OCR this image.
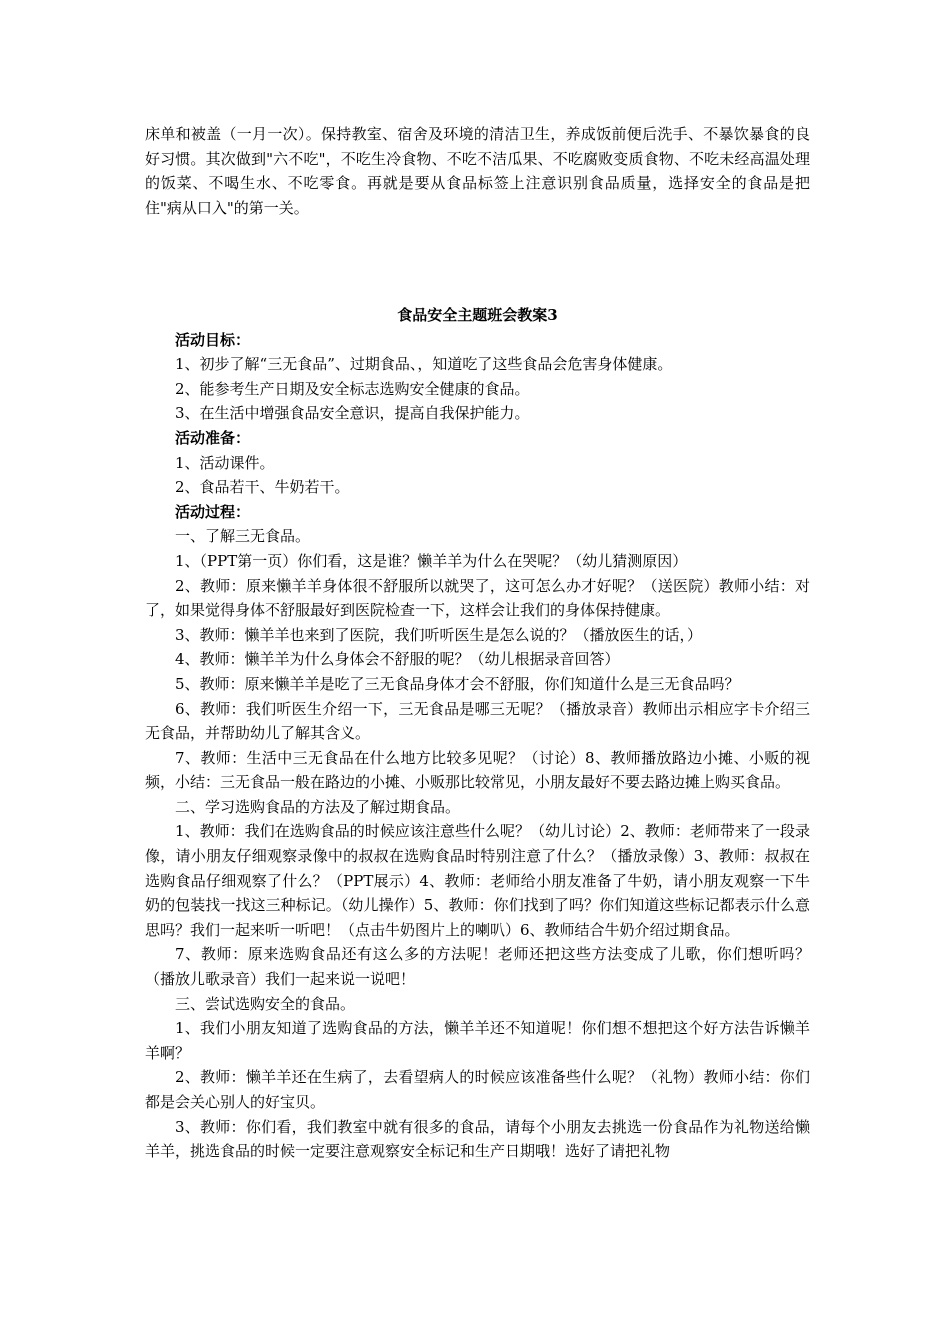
床单和被盖（一月一次）。保持教室、宿舍及环境的清洁卫生，养成饭前便后洗手、不暴饮暴食的良好习惯。其次做到"六不吃"，不吃生冷食物、不吃不洁瓜果、不吃腐败变质食物、不吃未经高温处理的饭菜、不喝生水、不吃零食。再就是要从食品标签上注意识别食品质量，选择安全的食品是把住"病从口入"的第一关。

食品安全主题班会教案3

活动目标：

1、初步了解“三无食品”、过期食品、，知道吃了这些食品会危害身体健康。

2、能参考生产日期及安全标志选购安全健康的食品。

3、在生活中增强食品安全意识，提高自我保护能力。

活动准备：

1、活动课件。

2、食品若干、牛奶若干。

活动过程：

一、了解三无食品。

1、（PPT第一页）你们看，这是谁？懒羊羊为什么在哭呢？（幼儿猜测原因）

2、教师：原来懒羊羊身体很不舒服所以就哭了，这可怎么办才好呢？（送医院）教师小结：对了，如果觉得身体不舒服最好到医院检查一下，这样会让我们的身体保持健康。

3、教师：懒羊羊也来到了医院，我们听听医生是怎么说的？（播放医生的话，）

4、教师：懒羊羊为什么身体会不舒服的呢？（幼儿根据录音回答）

5、教师：原来懒羊羊是吃了三无食品身体才会不舒服，你们知道什么是三无食品吗？

6、教师：我们听医生介绍一下，三无食品是哪三无呢？（播放录音）教师出示相应字卡介绍三无食品，并帮助幼儿了解其含义。

7、教师：生活中三无食品在什么地方比较多见呢？（讨论）8、教师播放路边小摊、小贩的视频，小结：三无食品一般在路边的小摊、小贩那比较常见，小朋友最好不要去路边摊上购买食品。

二、学习选购食品的方法及了解过期食品。

1、教师：我们在选购食品的时候应该注意些什么呢？（幼儿讨论）2、教师：老师带来了一段录像，请小朋友仔细观察录像中的叔叔在选购食品时特别注意了什么？（播放录像）3、教师：叔叔在选购食品仔细观察了什么？（PPT展示）4、教师：老师给小朋友准备了牛奶，请小朋友观察一下牛奶的包装找一找这三种标记。（幼儿操作）5、教师：你们找到了吗？你们知道这些标记都表示什么意思吗？我们一起来听一听吧！（点击牛奶图片上的喇叭）6、教师结合牛奶介绍过期食品。

7、教师：原来选购食品还有这么多的方法呢！老师还把这些方法变成了儿歌，你们想听吗？（播放儿歌录音）我们一起来说一说吧！

三、尝试选购安全的食品。

1、我们小朋友知道了选购食品的方法，懒羊羊还不知道呢！你们想不想把这个好方法告诉懒羊羊啊？

2、教师：懒羊羊还在生病了，去看望病人的时候应该准备些什么呢？（礼物）教师小结：你们都是会关心别人的好宝贝。

3、教师：你们看，我们教室中就有很多的食品，请每个小朋友去挑选一份食品作为礼物送给懒羊羊，挑选食品的时候一定要注意观察安全标记和生产日期哦！选好了请把礼物
